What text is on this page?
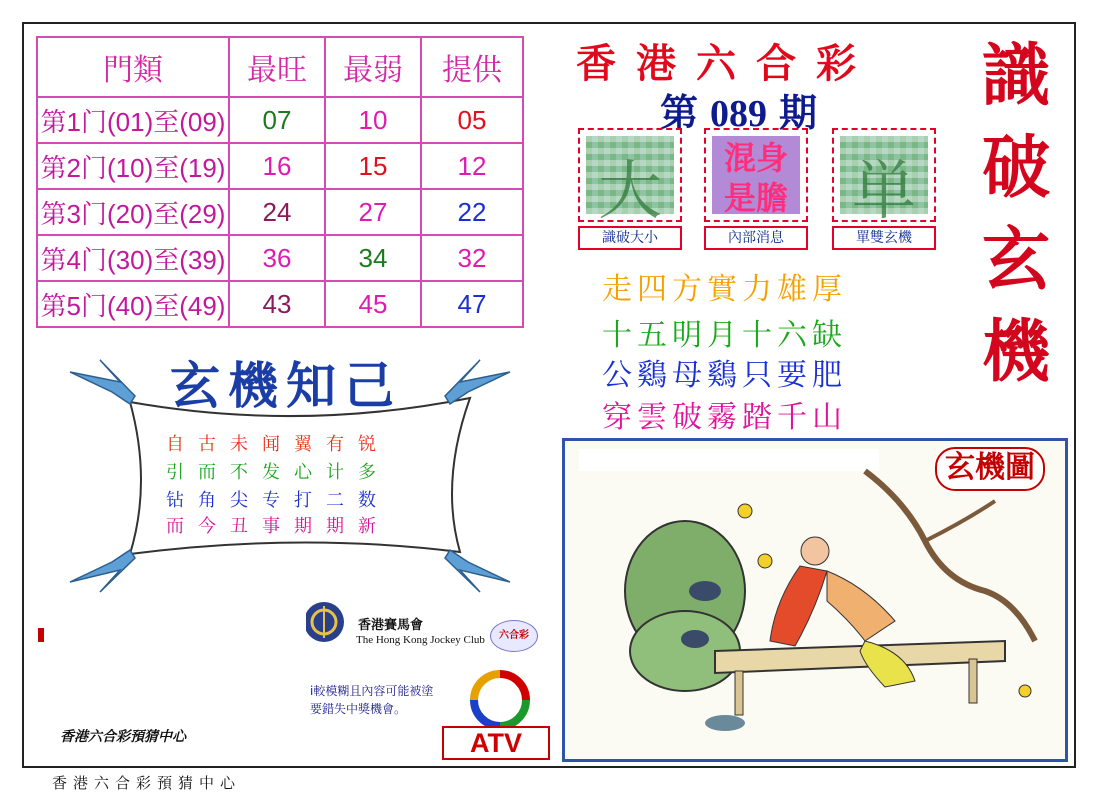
門類	最旺	最弱	提供
第1门(01)至(09)	07	10	05
第2门(10)至(19)	16	15	12
第3门(20)至(29)	24	27	22
第4门(30)至(39)	36	34	32
第5门(40)至(49)	43	45	47
香港六合彩
第 089 期 識
破
玄
機
大
識破大小
混身
是膽
內部消息
単
單雙玄機
走四方實力雄厚
十五明月十六缺
公鷄母鷄只要肥
穿雲破霧踏千山
玄機知己
自古未闻翼有锐
引而不发心计多
钻角尖专打二数
而今丑事期期新
玄機圖
香港賽馬會
The Hong Kong Jockey Club	六合彩
i較模糊且內容可能被塗
要錯失中獎機會。
ATV
香港六合彩預猜中心
香港六合彩預猜中心
